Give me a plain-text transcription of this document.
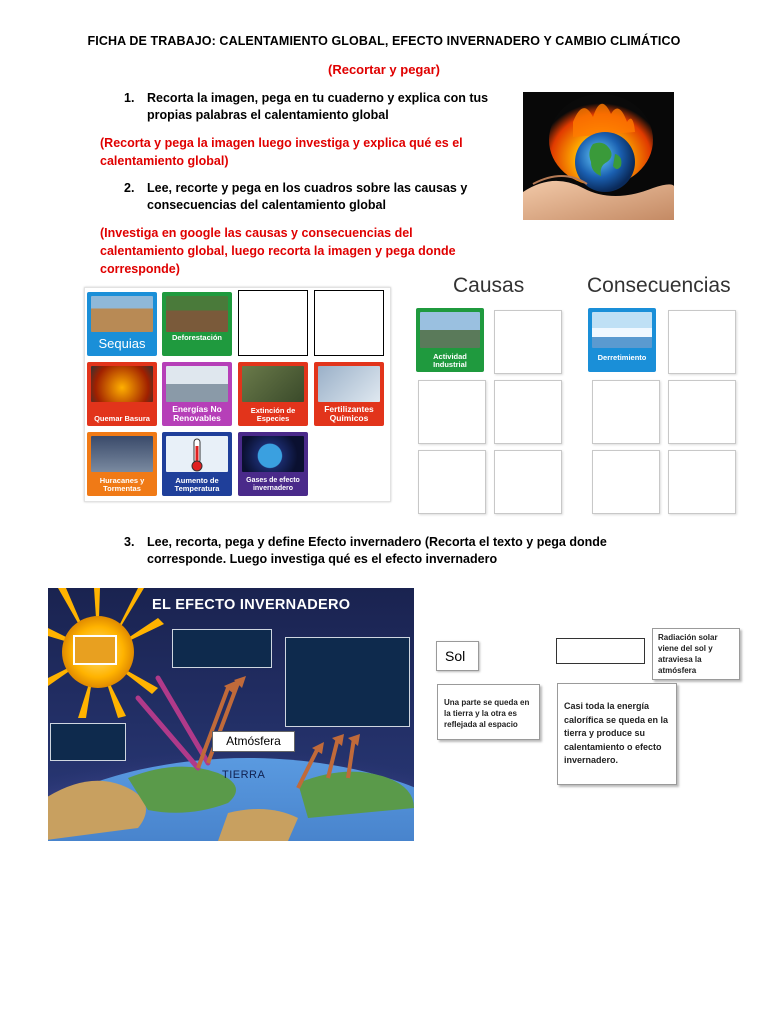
FICHA DE TRABAJO: CALENTAMIENTO GLOBAL, EFECTO INVERNADERO Y CAMBIO CLIMÁTICO
(Recortar y pegar)
1. Recorta la imagen, pega en tu cuaderno y explica con tus propias palabras el calentamiento global
(Recorta y pega la imagen luego investiga y explica qué es el calentamiento global)
2. Lee, recorte y pega en los cuadros sobre las causas y consecuencias del calentamiento global
(Investiga en google las causas y consecuencias del calentamiento global, luego recorta la imagen y pega donde corresponde)
Sequias	Deforestación
Quemar Basura
Energías No Renovables
Extinción de Especies
Fertilizantes Químicos
Huracanes y Tormentas
Aumento de Temperatura
Gases de efecto invernadero
Causas	Consecuencias
Actividad Industrial
Derretimiento
3. Lee, recorta, pega y define Efecto invernadero (Recorta el texto y pega donde corresponde. Luego investiga qué es el efecto invernadero
EL EFECTO INVERNADERO
Atmósfera
TIERRA
Sol
Radiación solar viene del sol y atraviesa la atmósfera
Una parte se queda en la tierra y la otra es reflejada al espacio
Casi toda la energía calorífica se queda en la tierra y produce su calentamiento o efecto invernadero.
